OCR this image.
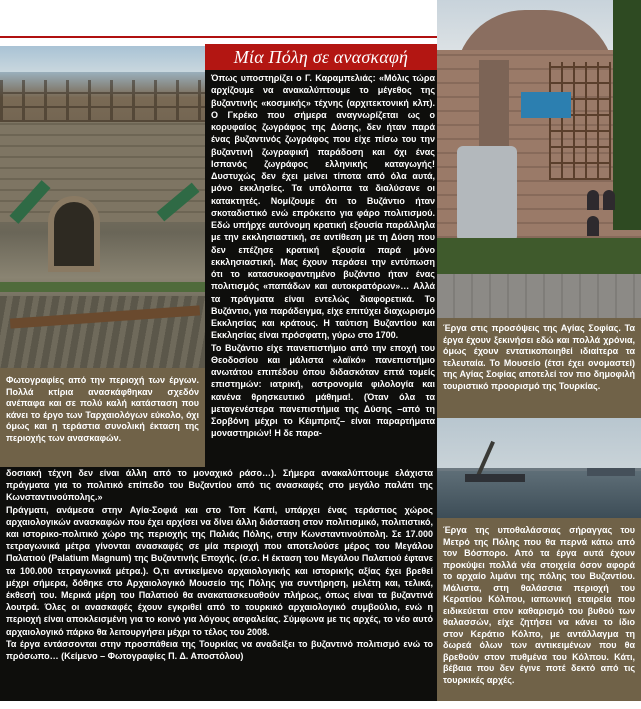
Μία Πόλη σε ανασκαφή

Όπως υποστηρίζει ο Γ. Καραμπελιάς: «Μόλις τώρα αρχίζουμε να ανακαλύπτουμε το μέγεθος της βυζαντινής «κοσμικής» τέχνης (αρχιτεκτονική κλπ). Ο Γκρέκο που σήμερα αναγνωρίζεται ως ο κορυφαίος ζωγράφος της Δύσης, δεν ήταν παρά ένας βυζαντινός ζωγράφος που είχε πίσω του την βυζαντινή ζωγραφική παράδοση και όχι ένας Ισπανός ζωγράφος ελληνικής καταγωγής! Δυστυχώς δεν έχει μείνει τίποτα από όλα αυτά, μόνο εκκλησίες. Τα υπόλοιπα τα διαλύσανε οι κατακτητές. Νομίζουμε ότι το Βυζάντιο ήταν σκοταδιστικό ενώ επρόκειτο για φάρο πολιτισμού. Εδώ υπήρχε αυτόνομη κρατική εξουσία παράλληλα με την εκκλησιαστική, σε αντίθεση με τη Δύση που δεν επέζησε κρατική εξουσία παρά μόνο εκκλησιαστική. Μας έχουν περάσει την εντύπωση ότι το κατασυκοφαντημένο βυζάντιο ήταν ένας πολιτισμός «παπάδων και αυτοκρατόρων»… Αλλά τα πράγματα είναι εντελώς διαφορετικά. Το Βυζάντιο, για παράδειγμα, είχε επιτύχει διαχωρισμό Εκκλησίας και κράτους. Η ταύτιση Βυζαντίου και Εκκλησίας είναι πρόσφατη, γύρω στο 1700.

Το Βυζάντιο είχε πανεπιστήμιο από την εποχή του Θεοδοσίου και μάλιστα «λαϊκό» πανεπιστήμιο ανωτάτου επιπέδου όπου διδασκόταν επτά τομείς επιστημών: ιατρική, αστρονομία φιλολογία και κανένα θρησκευτικό μάθημα!. (Όταν όλα τα μεταγενέστερα πανεπιστήμια της Δύσης –από τη Σορβόνη μέχρι το Κέιμπριτζ– είναι παραρτήματα μοναστηριών! Η δε παρα-

Φωτογραφίες από την περιοχή των έργων. Πολλά κτίρια ανασκάφθηκαν σχεδόν ανέπαφα και σε πολύ καλή κατάσταση που κάνει το έργο των Ταρχαιολόγων εύκολο, όχι όμως και η τεράστια συνολική έκταση της περιοχής των ανασκαφών.
Έργα στις προσόψεις της Αγίας Σοφίας. Τα έργα έχουν ξεκινήσει εδώ και πολλά χρόνια, όμως έχουν εντατικοποιηθεί ιδιαίτερα τα τελευταία. Το Μουσείο (έτσι έχει ονομαστεί) της Αγίας Σοφίας αποτελεί τον πιο δημοφιλή τουριστικό προορισμό της Τουρκίας.
Έργα της υποθαλάσσιας σήραγγας του Μετρό της Πόλης που θα περνά κάτω από τον Βόσπορο. Από τα έργα αυτά έχουν προκύψει πολλά νέα στοιχεία όσον αφορά το αρχαίο λιμάνι της πόλης του Βυζαντίου. Μάλιστα, στη θαλάσσια περιοχή του Κερατίου Κόλπου, ιαπωνική εταιρεία που ειδικεύεται στον καθαρισμό του βυθού των θαλασσών, είχε ζητήσει να κάνει το ίδιο στον Κεράτιο Κόλπο, με αντάλλαγμα τη δωρεά όλων των αντικειμένων που θα βρεθούν στον πυθμένα του Κόλπου. Κάτι, βέβαια που δεν έγινε ποτέ δεκτό από τις τουρκικές αρχές.

δοσιακή τέχνη δεν είναι άλλη από το μοναχικό ράσο…). Σήμερα ανακαλύπτουμε ελάχιστα πράγματα για το πολιτικό επίπεδο του Βυζαντίου από τις ανασκαφές στο μεγάλο παλάτι της Κωνσταντινούπολης.»

Πράγματι, ανάμεσα στην Αγία-Σοφιά και στο Τοπ Καπί, υπάρχει ένας τεράστιος χώρος αρχαιολογικών ανασκαφών που έχει αρχίσει να δίνει άλλη διάσταση στον πολιτισμικό, πολιτιστικό, και ιστορικο-πολιτικό χώρο της περιοχής της Παλιάς Πόλης, στην Κωνσταντινούπολη. Σε 17.000 τετραγωνικά μέτρα γίνονται ανασκαφές σε μία περιοχή που αποτελούσε μέρος του Μεγάλου Παλατιού (Palatium Magnum) της Βυζαντινής Εποχής. (σ.σ. Η έκταση του Μεγάλου Παλατιού έφτανε τα 100.000 τετραγωνικά μέτρα.). Ο,τι αντικείμενο αρχαιολογικής και ιστορικής αξίας έχει βρεθεί μέχρι σήμερα, δόθηκε στο Αρχαιολογικό Μουσείο της Πόλης για συντήρηση, μελέτη και, τελικά, έκθεσή του. Μερικά μέρη του Παλατιού θα ανακατασκευαθούν πλήρως, όπως είναι τα βυζαντινά λουτρά. Όλες οι ανασκαφές έχουν εγκριθεί από το τουρκικό αρχαιολογικό συμβούλιο, ενώ η περιοχή είναι αποκλεισμένη για το κοινό για λόγους ασφαλείας. Σύμφωνα με τις αρχές, το νέο αυτό αρχαιολογικό πάρκο θα λειτουργήσει μέχρι το τέλος του 2008.

Τα έργα εντάσσονται στην προσπάθεια της Τουρκίας να αναδείξει το βυζαντινό πολιτισμό ενώ το πρόσωπο… (Κείμενο – Φωτογραφίες Π. Δ. Αποστόλου)
